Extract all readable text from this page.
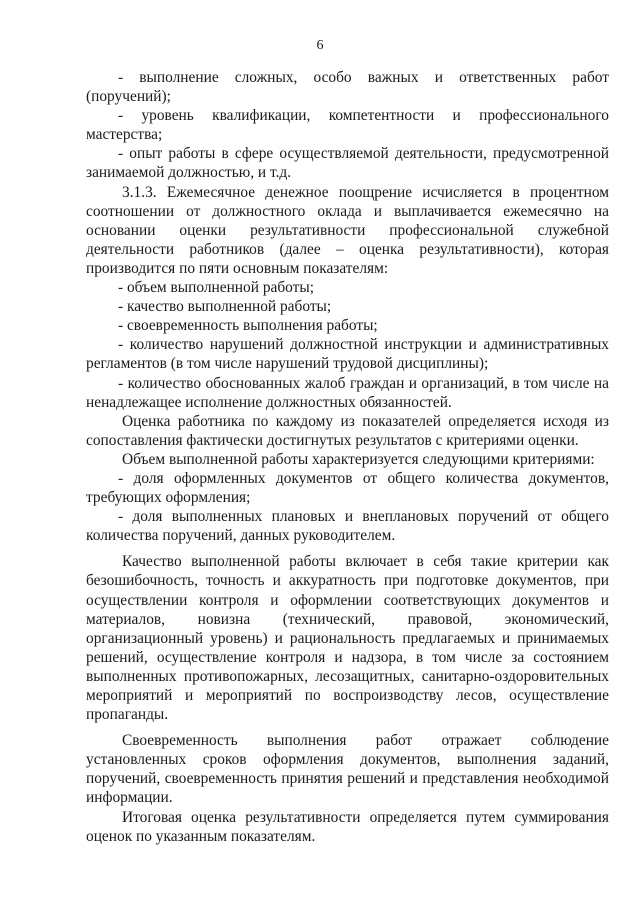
6

- выполнение сложных, особо важных и ответственных работ (поручений);

- уровень квалификации, компетентности и профессионального мастерства;

- опыт работы в сфере осуществляемой деятельности, предусмотренной занимаемой должностью, и т.д.

3.1.3. Ежемесячное денежное поощрение исчисляется в процентном соотношении от должностного оклада и выплачивается ежемесячно на основании оценки результативности профессиональной служебной деятельности работников (далее – оценка результативности), которая производится по пяти основным показателям:

- объем выполненной работы;

- качество выполненной работы;

- своевременность выполнения работы;

- количество нарушений должностной инструкции и административных регламентов (в том числе нарушений трудовой дисциплины);

- количество обоснованных жалоб граждан и организаций, в том числе на ненадлежащее исполнение должностных обязанностей.

Оценка работника по каждому из показателей определяется исходя из сопоставления фактически достигнутых результатов с критериями оценки.

Объем выполненной работы характеризуется следующими критериями:

- доля оформленных документов от общего количества документов, требующих оформления;

- доля выполненных плановых и внеплановых поручений от общего количества поручений, данных руководителем.

Качество выполненной работы включает в себя такие критерии как безошибочность, точность и аккуратность при подготовке документов, при осуществлении контроля и оформлении соответствующих документов и материалов, новизна (технический, правовой, экономический, организационный уровень) и рациональность предлагаемых и принимаемых решений, осуществление контроля и надзора, в том числе за состоянием выполненных противопожарных, лесозащитных, санитарно-оздоровительных мероприятий и мероприятий по воспроизводству лесов, осуществление пропаганды.

Своевременность выполнения работ отражает соблюдение установленных сроков оформления документов, выполнения заданий, поручений, своевременность принятия решений и представления необходимой информации.

Итоговая оценка результативности определяется путем суммирования оценок по указанным показателям.
